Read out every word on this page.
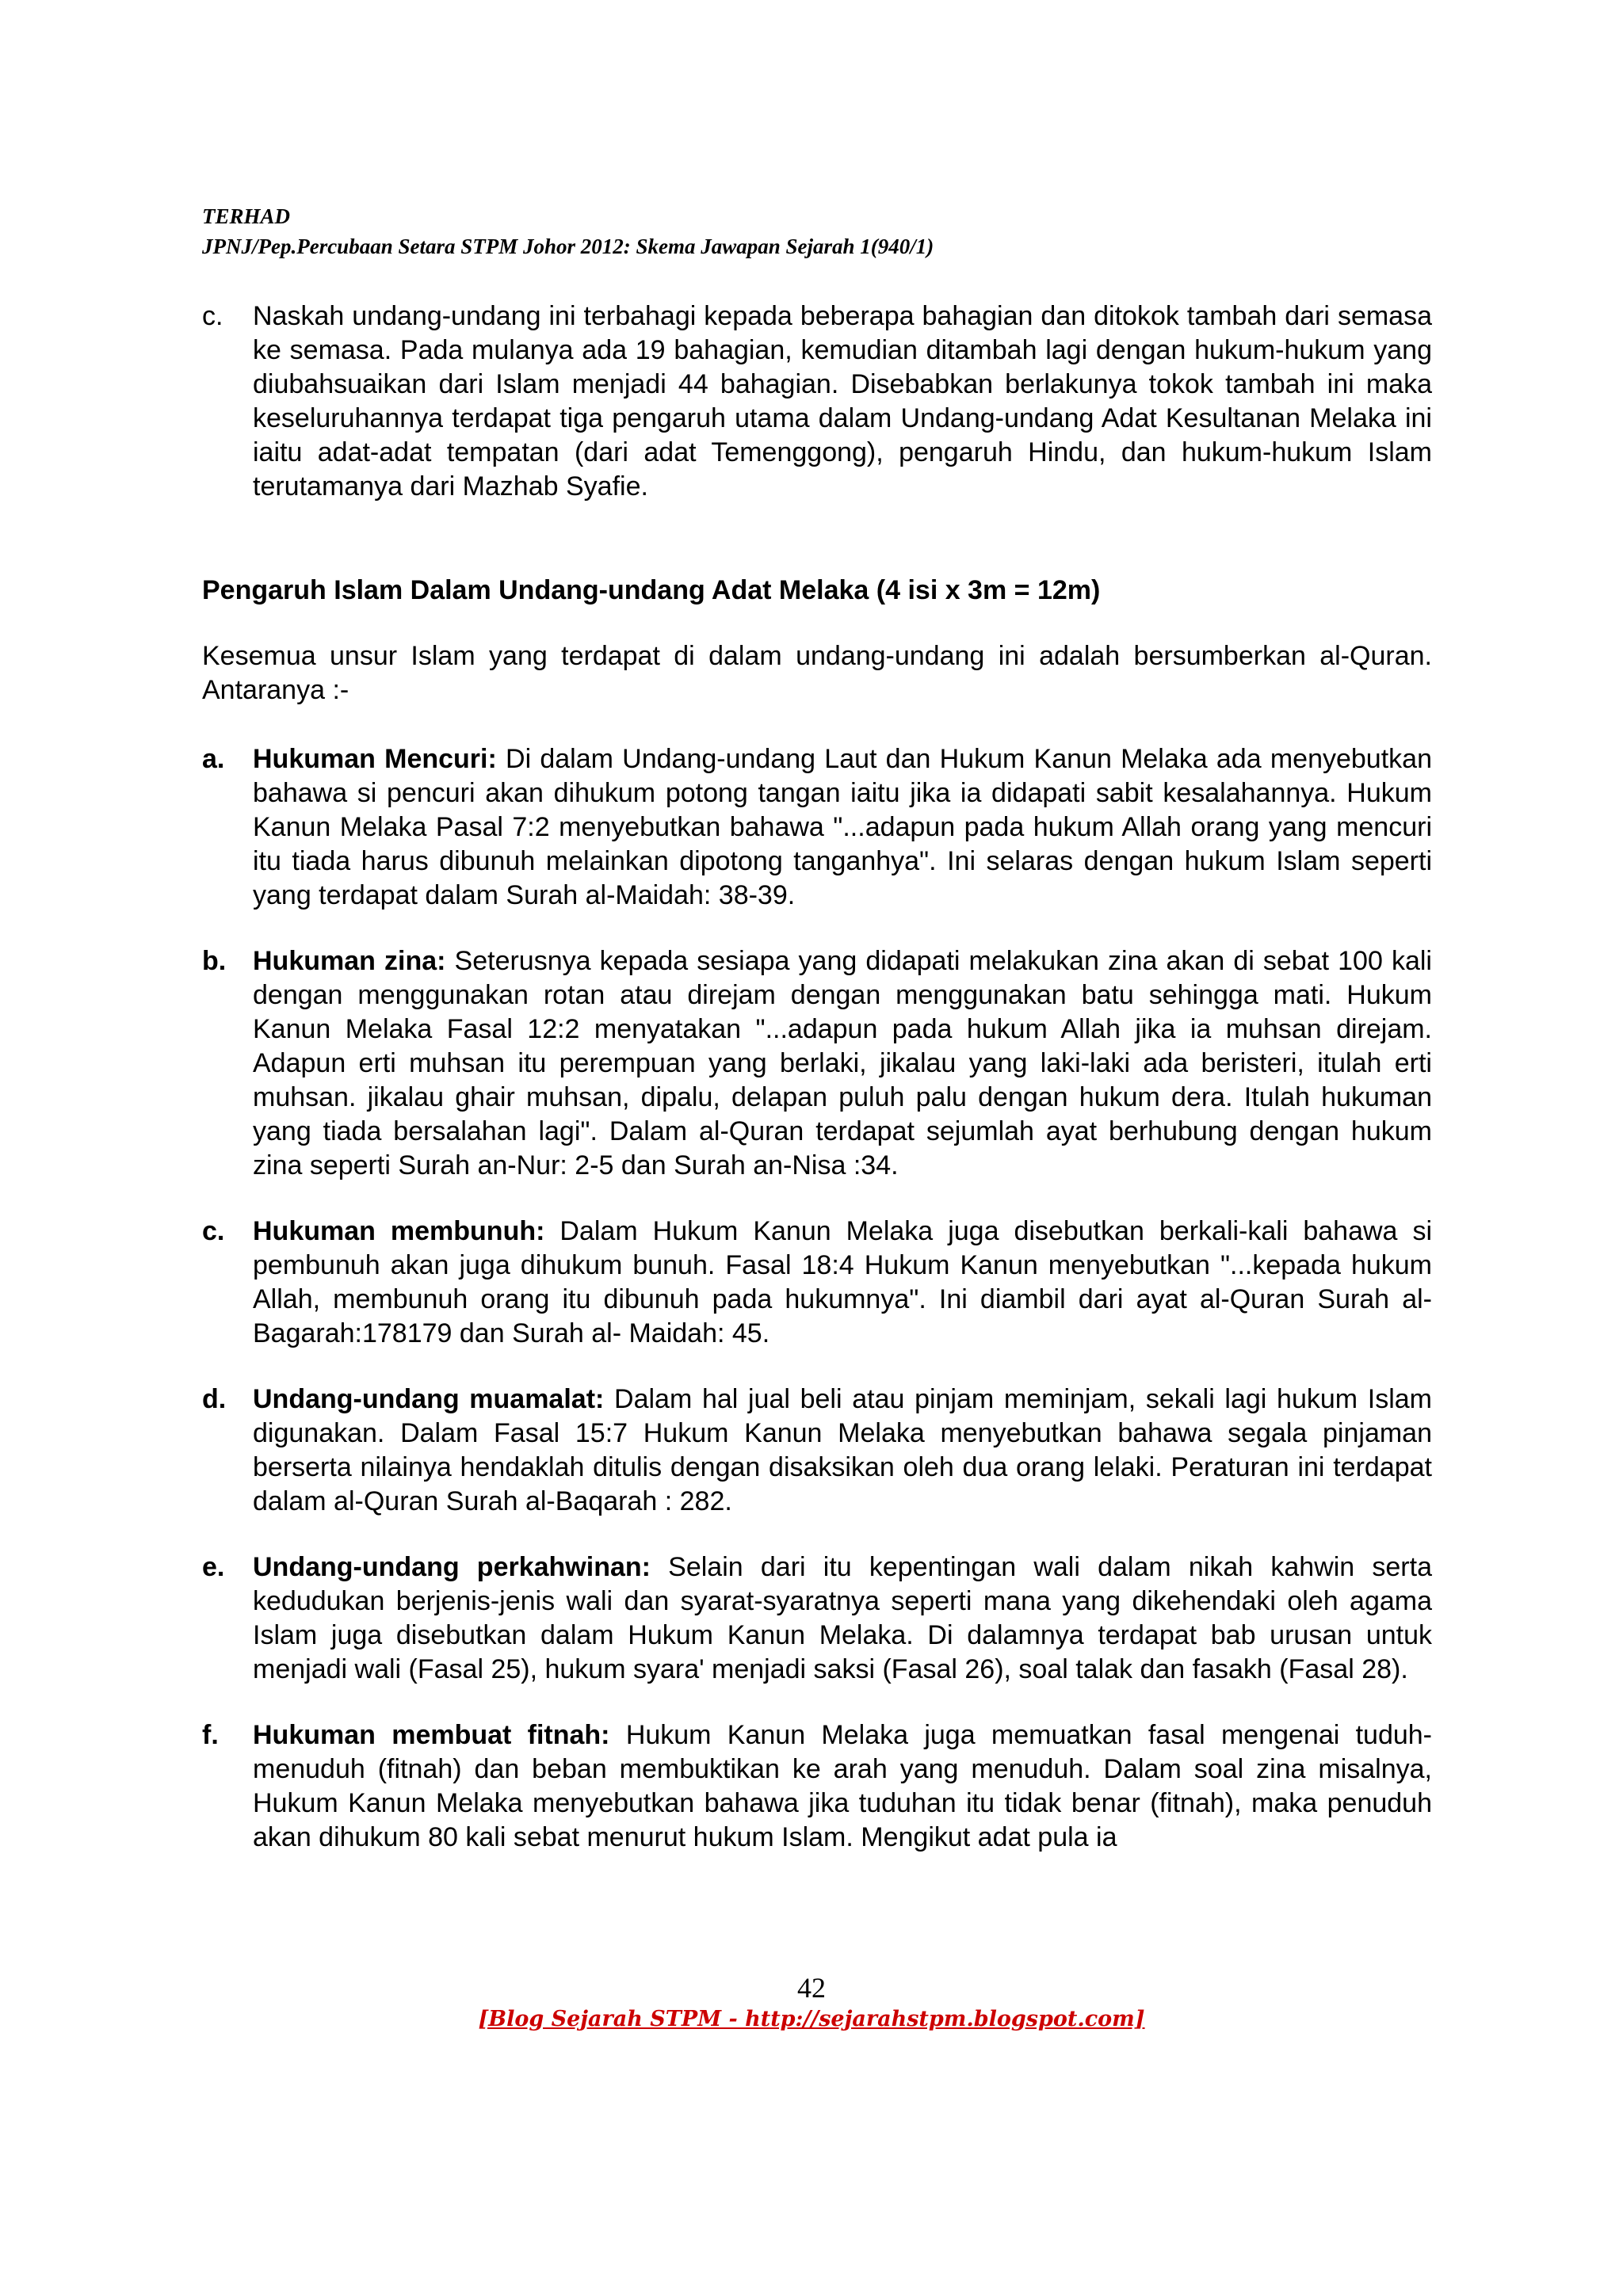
TERHAD
JPNJ/Pep.Percubaan Setara STPM Johor 2012: Skema Jawapan Sejarah 1(940/1)
c.	Naskah undang-undang ini terbahagi kepada beberapa bahagian dan ditokok tambah dari semasa ke semasa. Pada mulanya ada 19 bahagian, kemudian ditambah lagi dengan hukum-hukum yang diubahsuaikan dari Islam menjadi 44 bahagian. Disebabkan berlakunya tokok tambah ini maka keseluruhannya terdapat tiga pengaruh utama dalam Undang-undang Adat Kesultanan Melaka ini iaitu adat-adat tempatan (dari adat Temenggong), pengaruh Hindu, dan hukum-hukum Islam terutamanya dari Mazhab Syafie.
Pengaruh Islam Dalam Undang-undang Adat Melaka (4 isi x 3m = 12m)
Kesemua unsur Islam yang terdapat di dalam undang-undang ini adalah bersumberkan al-Quran. Antaranya :-
a.	Hukuman Mencuri: Di dalam Undang-undang Laut dan Hukum Kanun Melaka ada menyebutkan bahawa si pencuri akan dihukum potong tangan iaitu jika ia didapati sabit kesalahannya. Hukum Kanun Melaka Pasal 7:2 menyebutkan bahawa "...adapun pada hukum Allah orang yang mencuri itu tiada harus dibunuh melainkan dipotong tanganhya". Ini selaras dengan hukum Islam seperti yang terdapat dalam Surah al-Maidah: 38-39.
b. Hukuman zina: Seterusnya kepada sesiapa yang didapati melakukan zina akan di sebat 100 kali dengan menggunakan rotan atau direjam dengan menggunakan batu sehingga mati. Hukum Kanun Melaka Fasal 12:2 menyatakan "...adapun pada hukum Allah jika ia muhsan direjam. Adapun erti muhsan itu perempuan yang berlaki, jikalau yang laki-laki ada beristeri, itulah erti muhsan. jikalau ghair muhsan, dipalu, delapan puluh palu dengan hukum dera. Itulah hukuman yang tiada bersalahan lagi". Dalam al-Quran terdapat sejumlah ayat berhubung dengan hukum zina seperti Surah an-Nur: 2-5 dan Surah an-Nisa :34.
c.	Hukuman membunuh: Dalam Hukum Kanun Melaka juga disebutkan berkali-kali bahawa si pembunuh akan juga dihukum bunuh. Fasal 18:4 Hukum Kanun menyebutkan "...kepada hukum Allah, membunuh orang itu dibunuh pada hukumnya". Ini diambil dari ayat al-Quran Surah al-Bagarah:178179 dan Surah al- Maidah: 45.
d. Undang-undang muamalat: Dalam hal jual beli atau pinjam meminjam, sekali lagi hukum Islam digunakan. Dalam Fasal 15:7 Hukum Kanun Melaka menyebutkan bahawa segala pinjaman berserta nilainya hendaklah ditulis dengan disaksikan oleh dua orang lelaki. Peraturan ini terdapat dalam al-Quran Surah al-Baqarah : 282.
e.	Undang-undang perkahwinan: Selain dari itu kepentingan wali dalam nikah kahwin serta kedudukan berjenis-jenis wali dan syarat-syaratnya seperti mana yang dikehendaki oleh agama Islam juga disebutkan dalam Hukum Kanun Melaka. Di dalamnya terdapat bab urusan untuk menjadi wali (Fasal 25), hukum syara' menjadi saksi (Fasal 26), soal talak dan fasakh (Fasal 28).
f.	Hukuman membuat fitnah: Hukum Kanun Melaka juga memuatkan fasal mengenai tuduh-menuduh (fitnah) dan beban membuktikan ke arah yang menuduh. Dalam soal zina misalnya, Hukum Kanun Melaka menyebutkan bahawa jika tuduhan itu tidak benar (fitnah), maka penuduh akan dihukum 80 kali sebat menurut hukum Islam. Mengikut adat pula ia
42
[Blog Sejarah STPM - http://sejarahstpm.blogspot.com]
